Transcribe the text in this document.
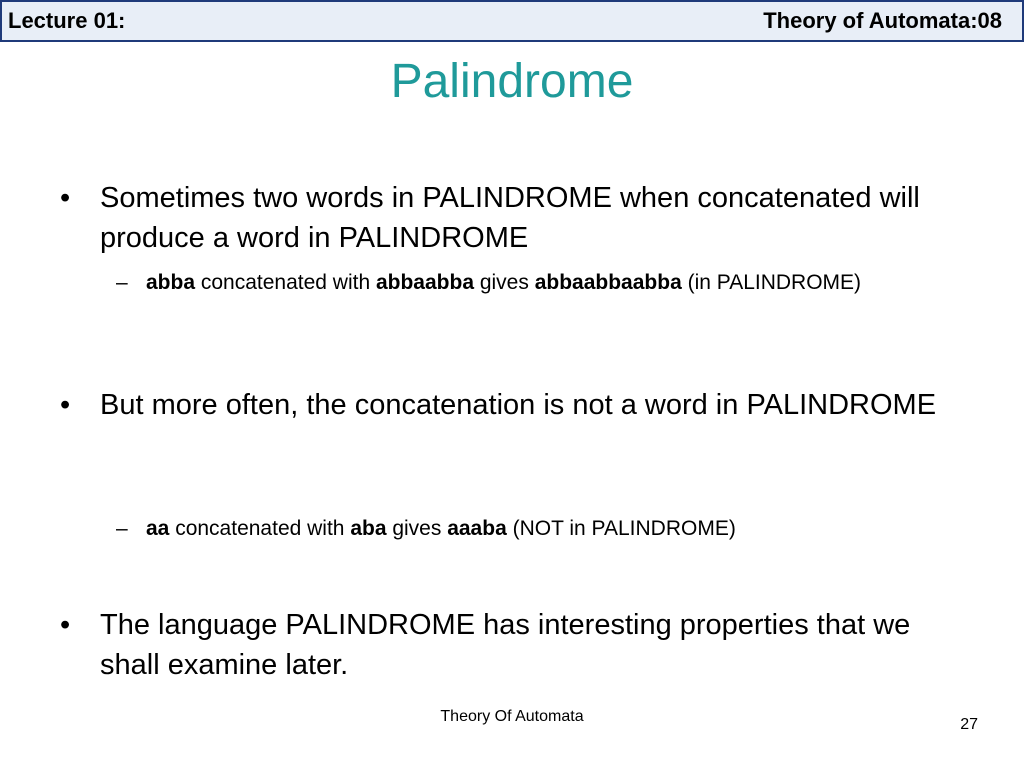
Lecture 01:	Theory of Automata:08
Palindrome
• Sometimes two words in PALINDROME when concatenated will produce a word in PALINDROME
– abba concatenated with abbaabba gives abbaabbaabba (in PALINDROME)
• But more often, the concatenation is not a word in PALINDROME
– aa concatenated with aba gives aaaba (NOT in PALINDROME)
• The language PALINDROME has interesting properties that we shall examine later.
Theory Of Automata	27
